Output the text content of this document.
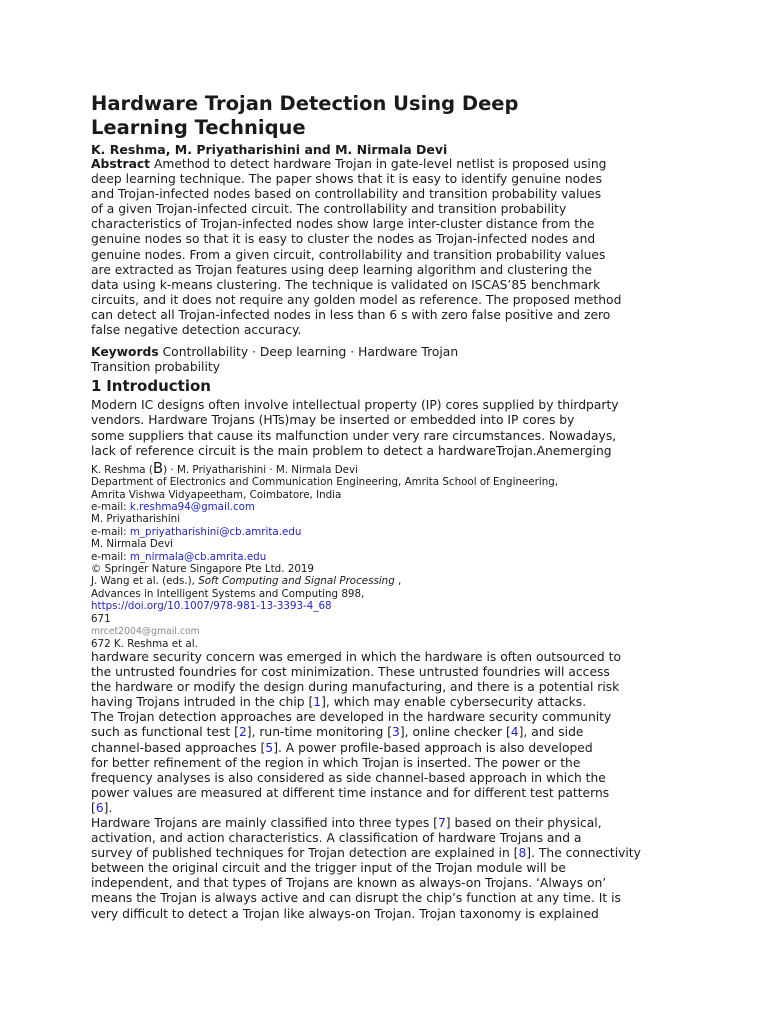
Hardware Trojan Detection Using Deep
Learning Technique

K. Reshma, M. Priyatharishini and M. Nirmala Devi

Abstract Amethod to detect hardware Trojan in gate-level netlist is proposed using
deep learning technique. The paper shows that it is easy to identify genuine nodes
and Trojan-infected nodes based on controllability and transition probability values
of a given Trojan-infected circuit. The controllability and transition probability
characteristics of Trojan-infected nodes show large inter-cluster distance from the
genuine nodes so that it is easy to cluster the nodes as Trojan-infected nodes and
genuine nodes. From a given circuit, controllability and transition probability values
are extracted as Trojan features using deep learning algorithm and clustering the
data using k-means clustering. The technique is validated on ISCAS’85 benchmark
circuits, and it does not require any golden model as reference. The proposed method
can detect all Trojan-infected nodes in less than 6 s with zero false positive and zero
false negative detection accuracy.
Keywords Controllability · Deep learning · Hardware Trojan
Transition probability
1 Introduction
Modern IC designs often involve intellectual property (IP) cores supplied by thirdparty
vendors. Hardware Trojans (HTs)may be inserted or embedded into IP cores by
some suppliers that cause its malfunction under very rare circumstances. Nowadays,
lack of reference circuit is the main problem to detect a hardwareTrojan.Anemerging
K. Reshma (B) · M. Priyatharishini · M. Nirmala Devi
Department of Electronics and Communication Engineering, Amrita School of Engineering,
Amrita Vishwa Vidyapeetham, Coimbatore, India
e-mail: k.reshma94@gmail.com
M. Priyatharishini
e-mail: m_priyatharishini@cb.amrita.edu
M. Nirmala Devi
e-mail: m_nirmala@cb.amrita.edu
© Springer Nature Singapore Pte Ltd. 2019
J. Wang et al. (eds.), Soft Computing and Signal Processing ,
Advances in Intelligent Systems and Computing 898,
https://doi.org/10.1007/978-981-13-3393-4_68
671
mrcet2004@gmail.com
672 K. Reshma et al.
hardware security concern was emerged in which the hardware is often outsourced to
the untrusted foundries for cost minimization. These untrusted foundries will access
the hardware or modify the design during manufacturing, and there is a potential risk
having Trojans intruded in the chip [1], which may enable cybersecurity attacks.
The Trojan detection approaches are developed in the hardware security community
such as functional test [2], run-time monitoring [3], online checker [4], and side
channel-based approaches [5]. A power profile-based approach is also developed
for better refinement of the region in which Trojan is inserted. The power or the
frequency analyses is also considered as side channel-based approach in which the
power values are measured at different time instance and for different test patterns
[6].
Hardware Trojans are mainly classified into three types [7] based on their physical,
activation, and action characteristics. A classification of hardware Trojans and a
survey of published techniques for Trojan detection are explained in [8]. The connectivity
between the original circuit and the trigger input of the Trojan module will be
independent, and that types of Trojans are known as always-on Trojans. ‘Always on’
means the Trojan is always active and can disrupt the chip’s function at any time. It is
very difficult to detect a Trojan like always-on Trojan. Trojan taxonomy is explained
